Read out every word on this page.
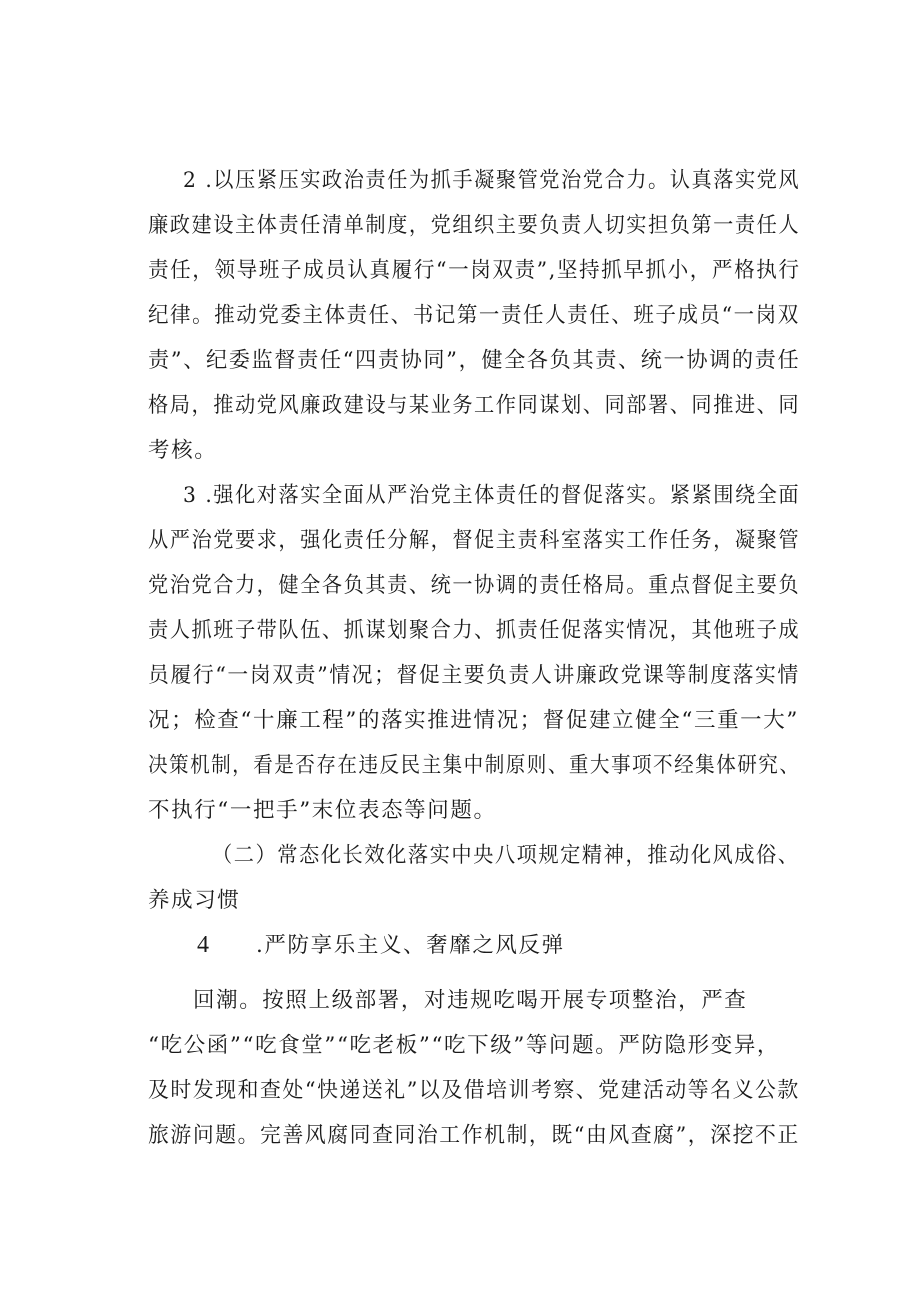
2 .以压紧压实政治责任为抓手凝聚管党治党合力。认真落实党风
廉政建设主体责任清单制度，党组织主要负责人切实担负第一责任人
责任，领导班子成员认真履行“一岗双责”,坚持抓早抓小，严格执行
纪律。推动党委主体责任、书记第一责任人责任、班子成员“一岗双
责”、纪委监督责任“四责协同”，健全各负其责、统一协调的责任
格局，推动党风廉政建设与某业务工作同谋划、同部署、同推进、同
考核。
3 .强化对落实全面从严治党主体责任的督促落实。紧紧围绕全面
从严治党要求，强化责任分解，督促主责科室落实工作任务，凝聚管
党治党合力，健全各负其责、统一协调的责任格局。重点督促主要负
责人抓班子带队伍、抓谋划聚合力、抓责任促落实情况，其他班子成
员履行“一岗双责”情况；督促主要负责人讲廉政党课等制度落实情
况；检查“十廉工程”的落实推进情况；督促建立健全“三重一大”
决策机制，看是否存在违反民主集中制原则、重大事项不经集体研究、
不执行“一把手”末位表态等问题。
（二）常态化长效化落实中央八项规定精神，推动化风成俗、
养成习惯
4 .严防享乐主义、奢靡之风反弹
回潮。按照上级部署，对违规吃喝开展专项整治，严查
“吃公函”“吃食堂”“吃老板”“吃下级”等问题。严防隐形变异，
及时发现和查处“快递送礼”以及借培训考察、党建活动等名义公款
旅游问题。完善风腐同查同治工作机制，既“由风查腐”，深挖不正
